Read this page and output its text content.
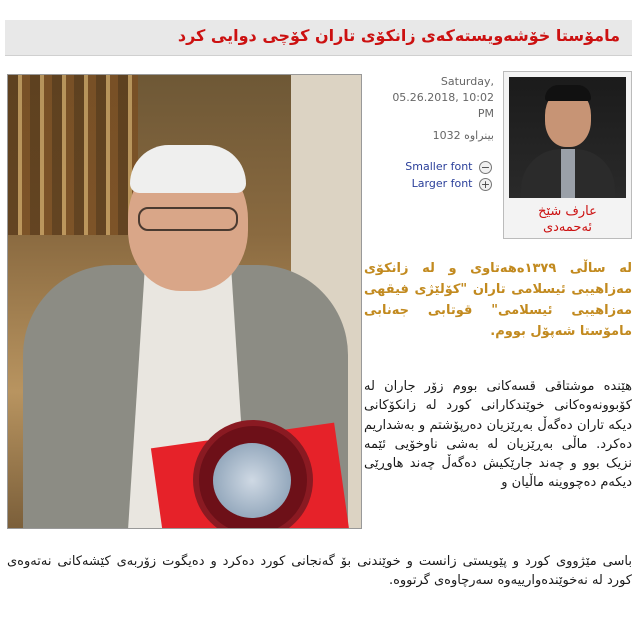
مامۆستا خۆشەویستەکەی زانکۆی تاران کۆچی دوایی کرد
Saturday,
05.26.2018, 10:02
PM
بینراوە 1032
Smaller font −
Larger font +
عارف شێخ
ئەحمەدی

لە ساڵی ١٣٧٩ەهەتاوی و لە زانکۆی مەزاهیبی ئیسلامی تاران "کۆلێژی فیقهی مەزاهیبی ئیسلامی" قوتابی جەنابی مامۆستا شەپۆل بووم.

هێندە موشتاقی قسەکانی بووم زۆر جاران لە کۆبوونەوەکانی خوێندکارانی کورد لە زانکۆکانی دیکە تاران دەگەڵ بەڕێزیان دەرپۆشتم و بەشداریم دەکرد. ماڵی بەڕێزیان لە بەشی ناوخۆیی ئێمە نزیک بوو و چەند جارێکیش دەگەڵ چەند هاوڕێی دیکەم دەچووینە ماڵیان و

باسی مێژووی کورد و پێویستی زانست و خوێندنی بۆ گەنجانی کورد دەکرد و دەیگوت زۆربەی کێشەکانی نەتەوەی کورد لە نەخوێندەوارییەوە سەرچاوەی گرتووە.
